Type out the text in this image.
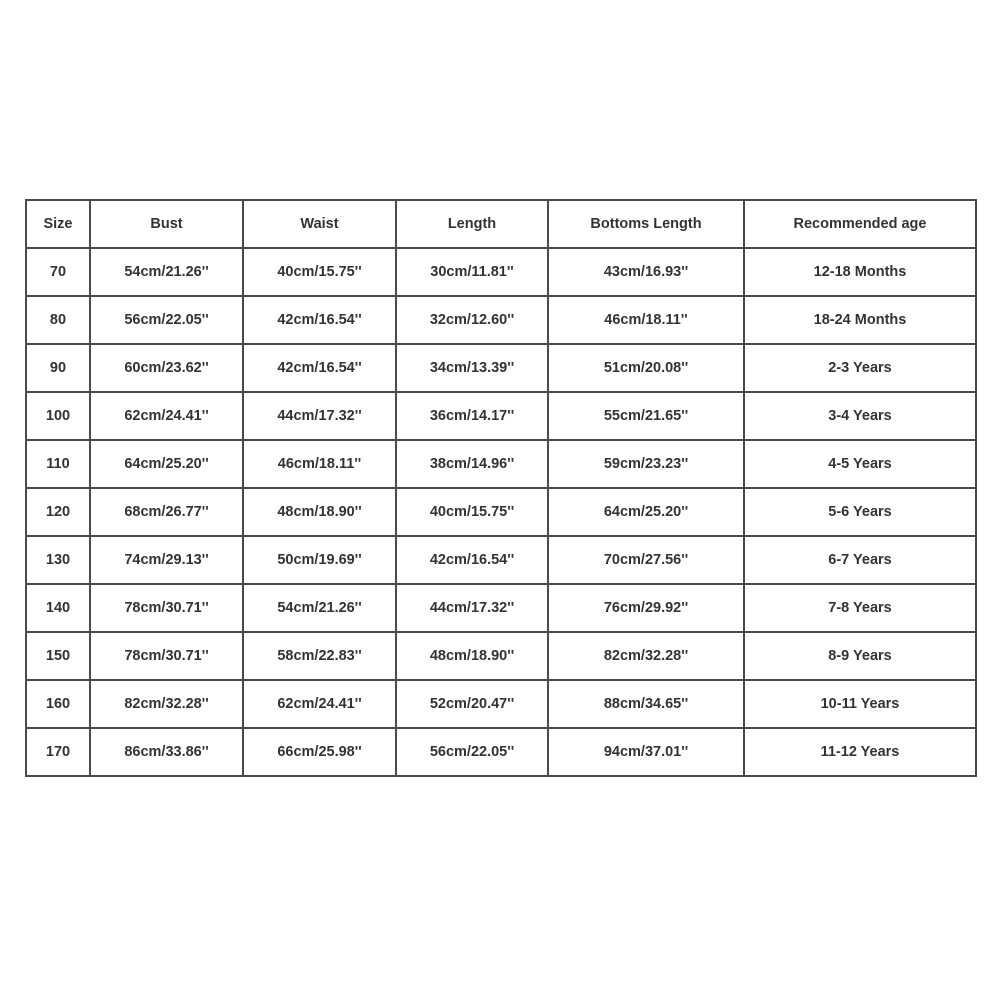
Size	Bust	Waist	Length	Bottoms Length	Recommended age
70	54cm/21.26''	40cm/15.75''	30cm/11.81''	43cm/16.93''	12-18 Months
80	56cm/22.05''	42cm/16.54''	32cm/12.60''	46cm/18.11''	18-24 Months
90	60cm/23.62''	42cm/16.54''	34cm/13.39''	51cm/20.08''	2-3 Years
100	62cm/24.41''	44cm/17.32''	36cm/14.17''	55cm/21.65''	3-4 Years
110	64cm/25.20''	46cm/18.11''	38cm/14.96''	59cm/23.23''	4-5 Years
120	68cm/26.77''	48cm/18.90''	40cm/15.75''	64cm/25.20''	5-6 Years
130	74cm/29.13''	50cm/19.69''	42cm/16.54''	70cm/27.56''	6-7 Years
140	78cm/30.71''	54cm/21.26''	44cm/17.32''	76cm/29.92''	7-8 Years
150	78cm/30.71''	58cm/22.83''	48cm/18.90''	82cm/32.28''	8-9 Years
160	82cm/32.28''	62cm/24.41''	52cm/20.47''	88cm/34.65''	10-11 Years
170	86cm/33.86''	66cm/25.98''	56cm/22.05''	94cm/37.01''	11-12 Years
